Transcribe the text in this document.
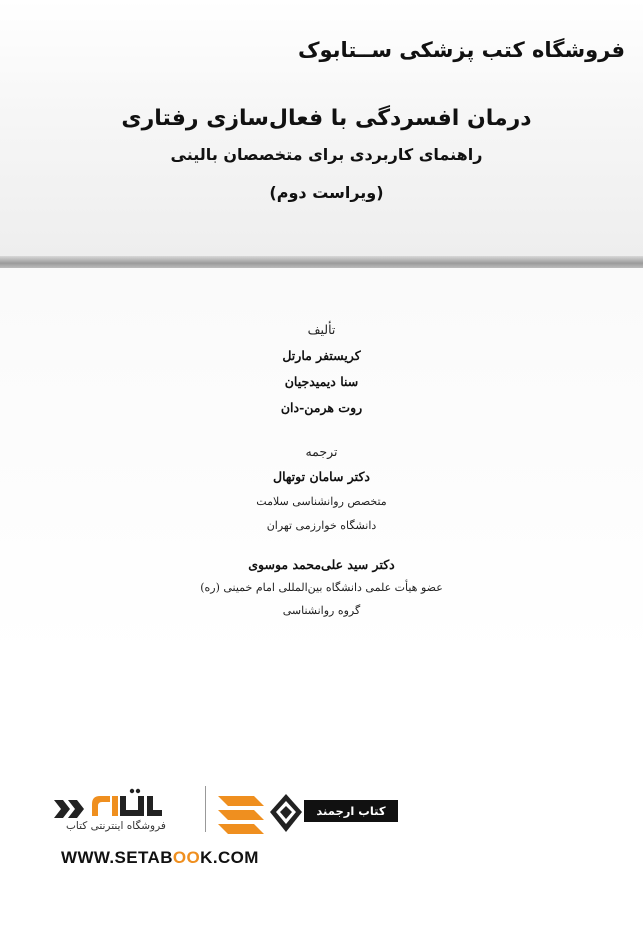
فروشگاه کتب پزشکی ســتابوک
درمان افسردگی با فعال‌سازی رفتاری
راهنمای کاربردی برای متخصصان بالینی
(ویراست دوم)
تألیف
کریستفر مارتل
سنا دیمیدجیان
روت هرمن-دان
ترجمه
دکتر سامان توتهال
متخصص روانشناسی سلامت
دانشگاه خوارزمی تهران
دکتر سید علی‌محمد موسوی
عضو هیأت علمی دانشگاه بین‌المللی امام خمینی (ره)
گروه روانشناسی
فروشگاه اینترنتی کتاب
کتاب ارجمند
WWW.SETABOOK.COM
